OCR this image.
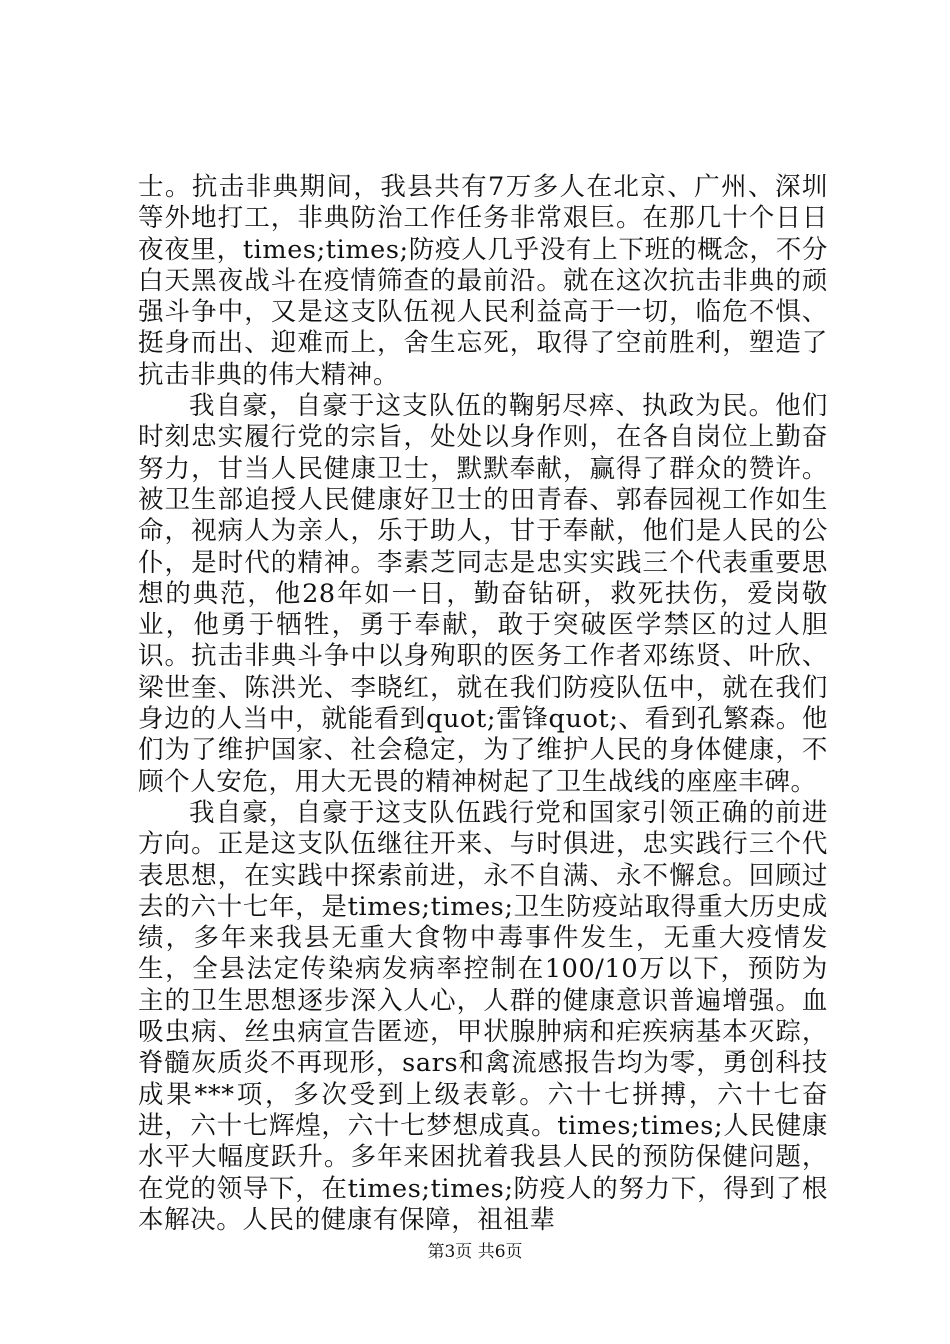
士。抗击非典期间，我县共有7万多人在北京、广州、深圳等外地打工，非典防治工作任务非常艰巨。在那几十个日日夜夜里，times;times;防疫人几乎没有上下班的概念，不分白天黑夜战斗在疫情筛查的最前沿。就在这次抗击非典的顽强斗争中，又是这支队伍视人民利益高于一切，临危不惧、挺身而出、迎难而上，舍生忘死，取得了空前胜利，塑造了抗击非典的伟大精神。

我自豪，自豪于这支队伍的鞠躬尽瘁、执政为民。他们时刻忠实履行党的宗旨，处处以身作则，在各自岗位上勤奋努力，甘当人民健康卫士，默默奉献，赢得了群众的赞许。被卫生部追授人民健康好卫士的田青春、郭春园视工作如生命，视病人为亲人，乐于助人，甘于奉献，他们是人民的公仆，是时代的精神。李素芝同志是忠实实践三个代表重要思想的典范，他28年如一日，勤奋钻研，救死扶伤，爱岗敬业，他勇于牺牲，勇于奉献，敢于突破医学禁区的过人胆识。抗击非典斗争中以身殉职的医务工作者邓练贤、叶欣、梁世奎、陈洪光、李晓红，就在我们防疫队伍中，就在我们身边的人当中，就能看到quot;雷锋quot;、看到孔繁森。他们为了维护国家、社会稳定，为了维护人民的身体健康，不顾个人安危，用大无畏的精神树起了卫生战线的座座丰碑。

我自豪，自豪于这支队伍践行党和国家引领正确的前进方向。正是这支队伍继往开来、与时俱进，忠实践行三个代表思想，在实践中探索前进，永不自满、永不懈怠。回顾过去的六十七年，是times;times;卫生防疫站取得重大历史成绩，多年来我县无重大食物中毒事件发生，无重大疫情发生，全县法定传染病发病率控制在100/10万以下，预防为主的卫生思想逐步深入人心，人群的健康意识普遍增强。血吸虫病、丝虫病宣告匿迹，甲状腺肿病和疟疾病基本灭踪，脊髓灰质炎不再现形，sars和禽流感报告均为零，勇创科技成果***项，多次受到上级表彰。六十七拼搏，六十七奋进，六十七辉煌，六十七梦想成真。times;times;人民健康水平大幅度跃升。多年来困扰着我县人民的预防保健问题，在党的领导下，在times;times;防疫人的努力下，得到了根本解决。人民的健康有保障，祖祖辈

第3页 共6页
